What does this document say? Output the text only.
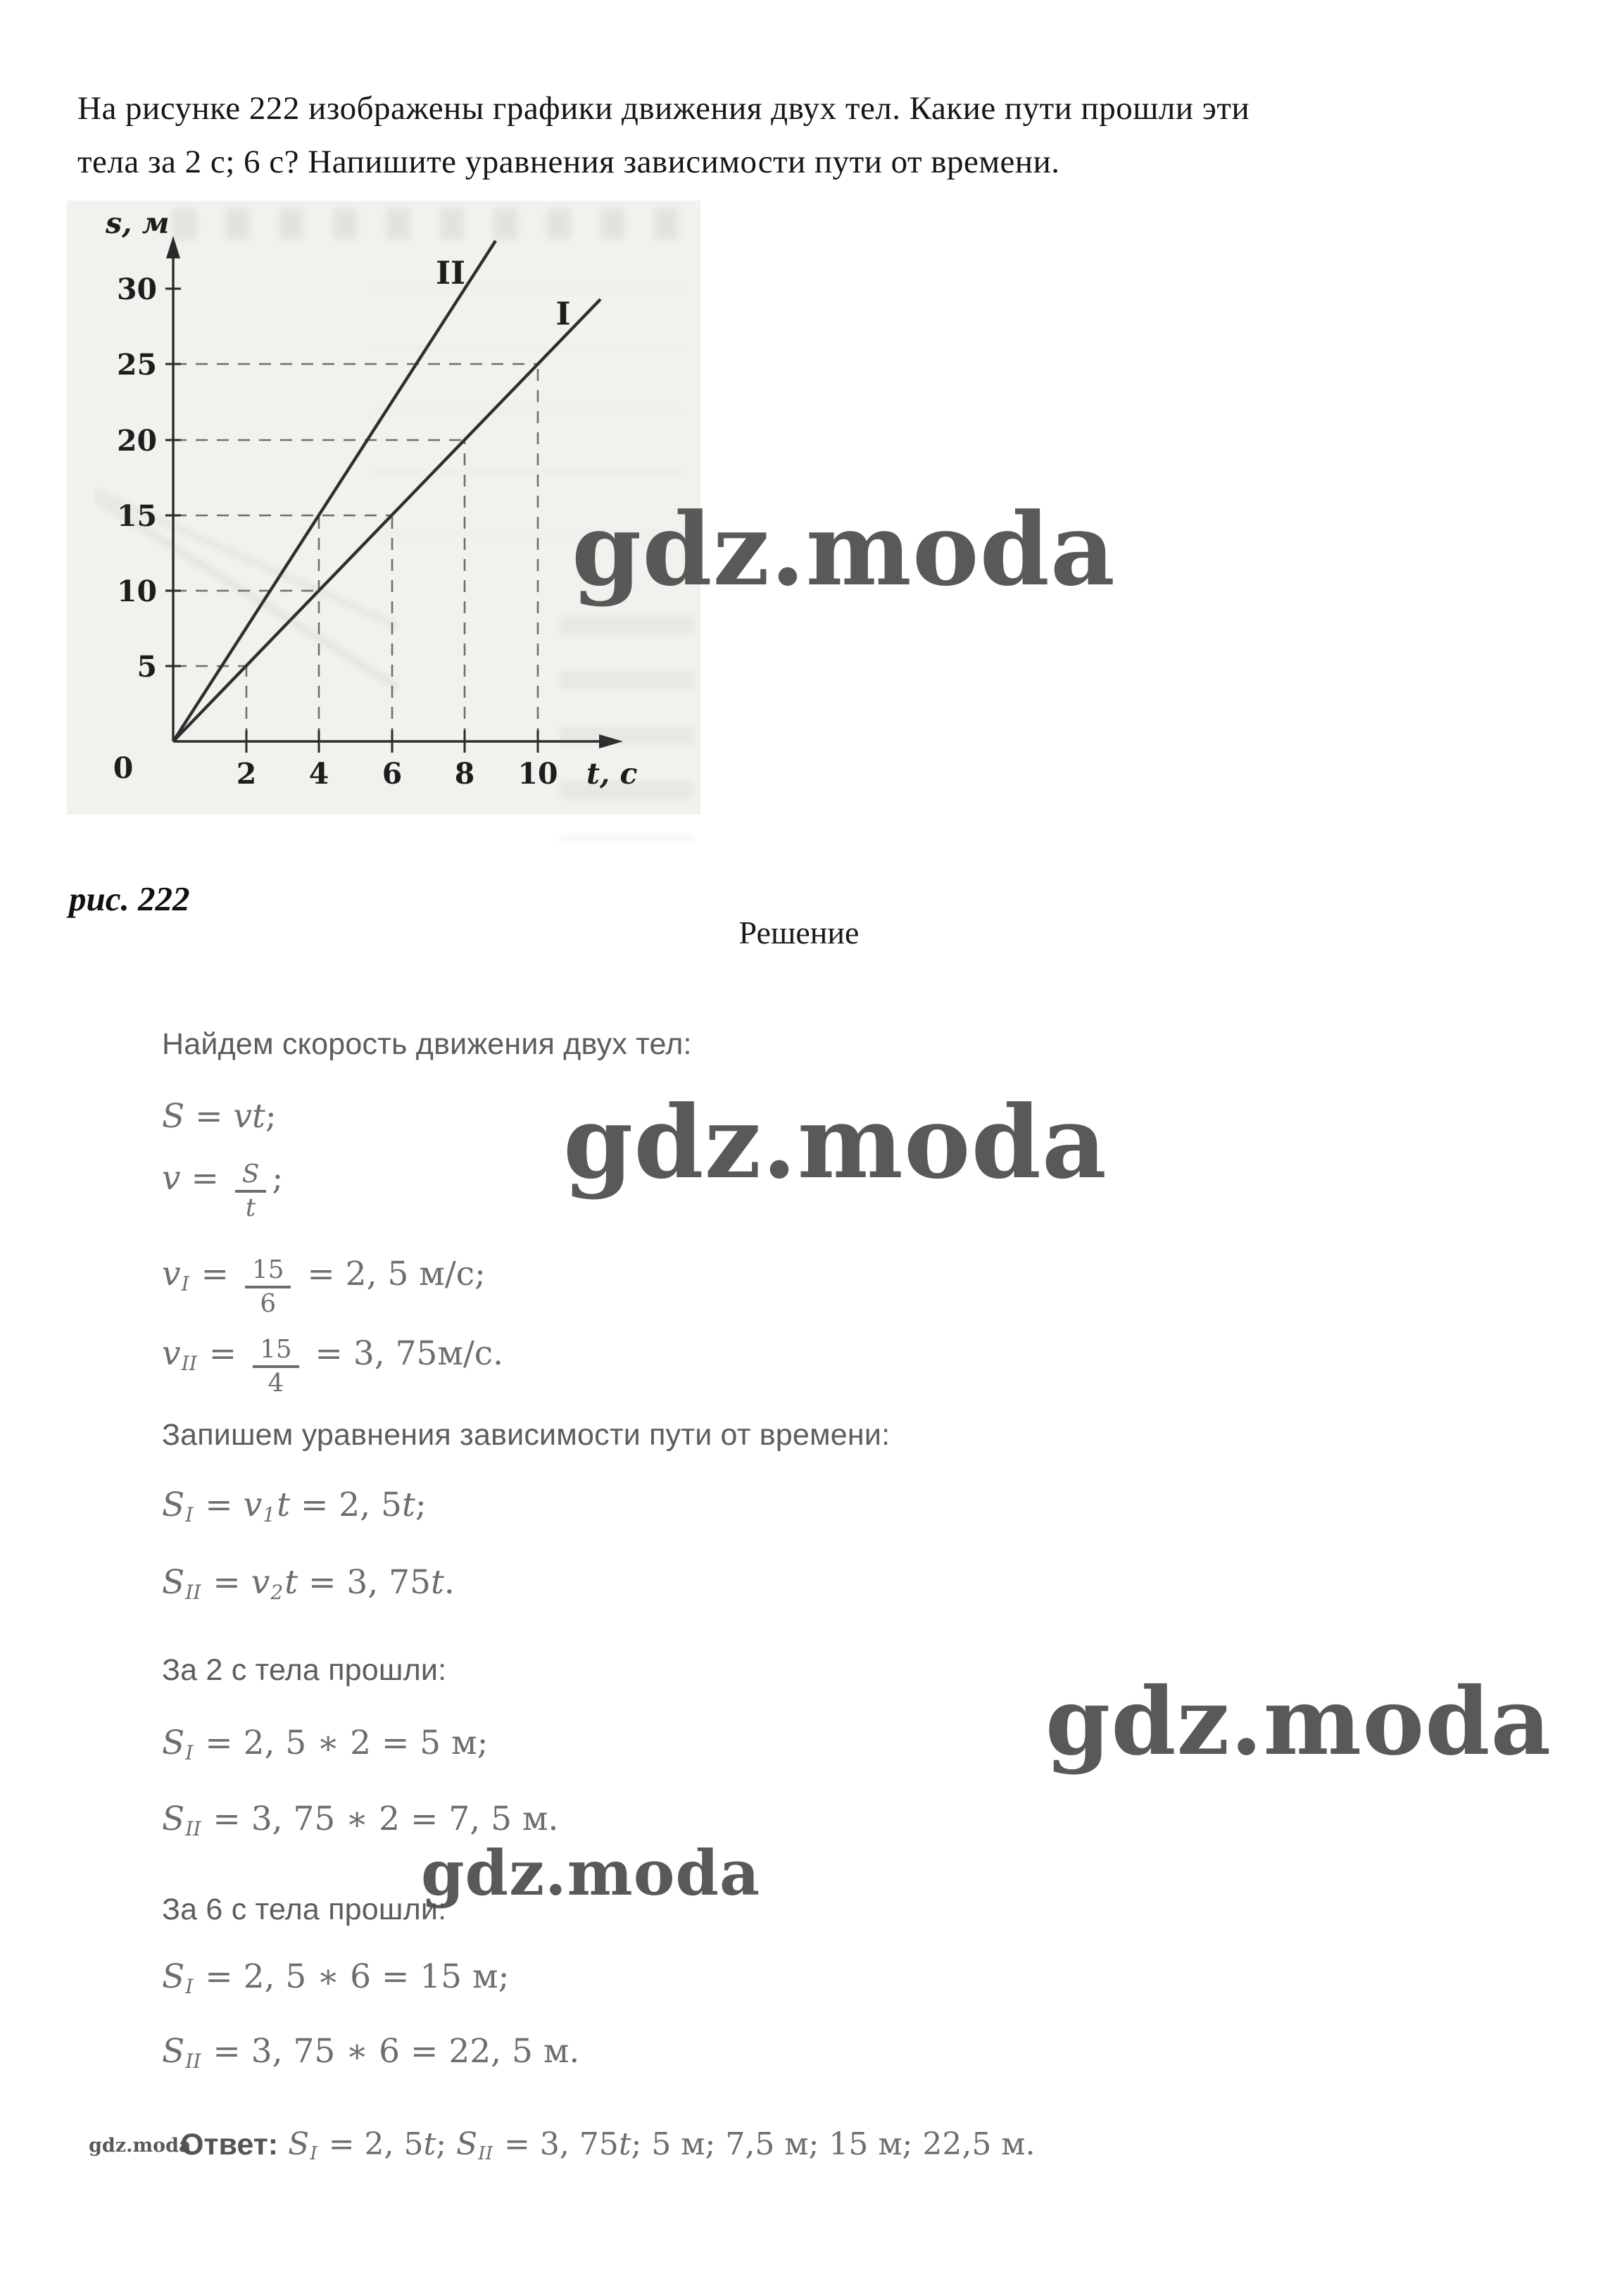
На рисунке 222 изображены графики движения двух тел. Какие пути прошли эти
тела за 2 с; 6 с? Напишите уравнения зависимости пути от времени.
II
I
5
10
15
20
25
30
2 4 6 8 10
s, м
t, c
0
рис. 222
Решение
Найдем скорость движения двух тел:
S = vt;
$v = \frac{S}{t}$ ;
$v_I = \frac{15}{6} = 2$, 5 м/с;
$v_{II} = \frac{15}{4} = 3$, 75м/с.
Запишем уравнения зависимости пути от времени:
$S_I = v_1t = 2$, 5t;
$S_{II} = v_2t = 3$, 75t.
За 2 с тела прошли:
$S_I = 2$, 5 ∗ 2 = 5 м;
$S_{II} = 3$, 75 ∗ 2 = 7, 5 м.
За 6 с тела прошли:
$S_I = 2$, 5 ∗ 6 = 15 м;
$S_{II} = 3$, 75 ∗ 6 = 22, 5 м.
Ответ: $S_I = 2$, 5t; $S_{II} = 3$, 75t; 5 м; 7,5 м; 15 м; 22,5 м.
gdz.moda
gdz.moda
gdz.moda
gdz.moda
gdz.moda
